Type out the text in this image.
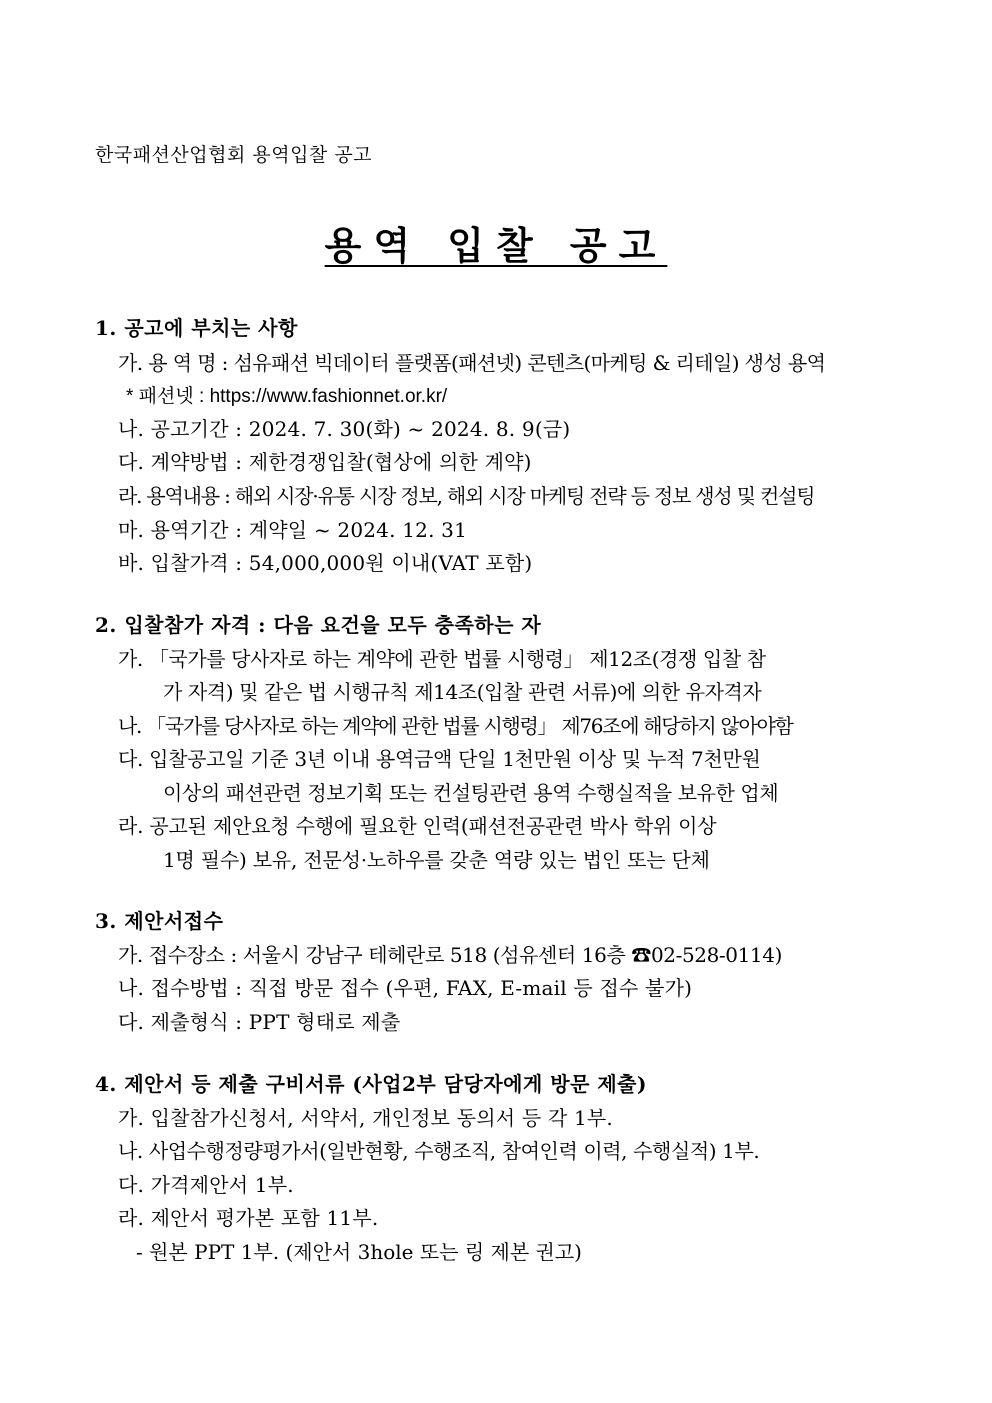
한국패션산업협회 용역입찰 공고
용역 입찰 공고
1. 공고에 부치는 사항
가. 용 역 명 : 섬유패션 빅데이터 플랫폼(패션넷) 콘텐츠(마케팅 & 리테일) 생성 용역
* 패션넷 : https://www.fashionnet.or.kr/
나. 공고기간 : 2024. 7. 30(화) ~ 2024. 8. 9(금)
다. 계약방법 : 제한경쟁입찰(협상에 의한 계약)
라. 용역내용 : 해외 시장·유통 시장 정보, 해외 시장 마케팅 전략 등 정보 생성 및 컨설팅
마. 용역기간 : 계약일 ~ 2024. 12. 31
바. 입찰가격 : 54,000,000원 이내(VAT 포함)
2. 입찰참가 자격 : 다음 요건을 모두 충족하는 자
가. 「국가를 당사자로 하는 계약에 관한 법률 시행령」 제12조(경쟁 입찰 참
가 자격) 및 같은 법 시행규칙 제14조(입찰 관련 서류)에 의한 유자격자
나. 「국가를 당사자로 하는 계약에 관한 법률 시행령」 제76조에 해당하지 않아야함
다. 입찰공고일 기준 3년 이내 용역금액 단일 1천만원 이상 및 누적 7천만원
이상의 패션관련 정보기획 또는 컨설팅관련 용역 수행실적을 보유한 업체
라. 공고된 제안요청 수행에 필요한 인력(패션전공관련 박사 학위 이상
1명 필수) 보유, 전문성·노하우를 갖춘 역량 있는 법인 또는 단체
3. 제안서접수
가. 접수장소 : 서울시 강남구 테헤란로 518 (섬유센터 16층 ☎02-528-0114)
나. 접수방법 : 직접 방문 접수 (우편, FAX, E-mail 등 접수 불가)
다. 제출형식 : PPT 형태로 제출
4. 제안서 등 제출 구비서류 (사업2부 담당자에게 방문 제출)
가. 입찰참가신청서, 서약서, 개인정보 동의서 등 각 1부.
나. 사업수행정량평가서(일반현황, 수행조직, 참여인력 이력, 수행실적) 1부.
다. 가격제안서 1부.
라. 제안서 평가본 포함 11부.
- 원본 PPT 1부. (제안서 3hole 또는 링 제본 권고)
